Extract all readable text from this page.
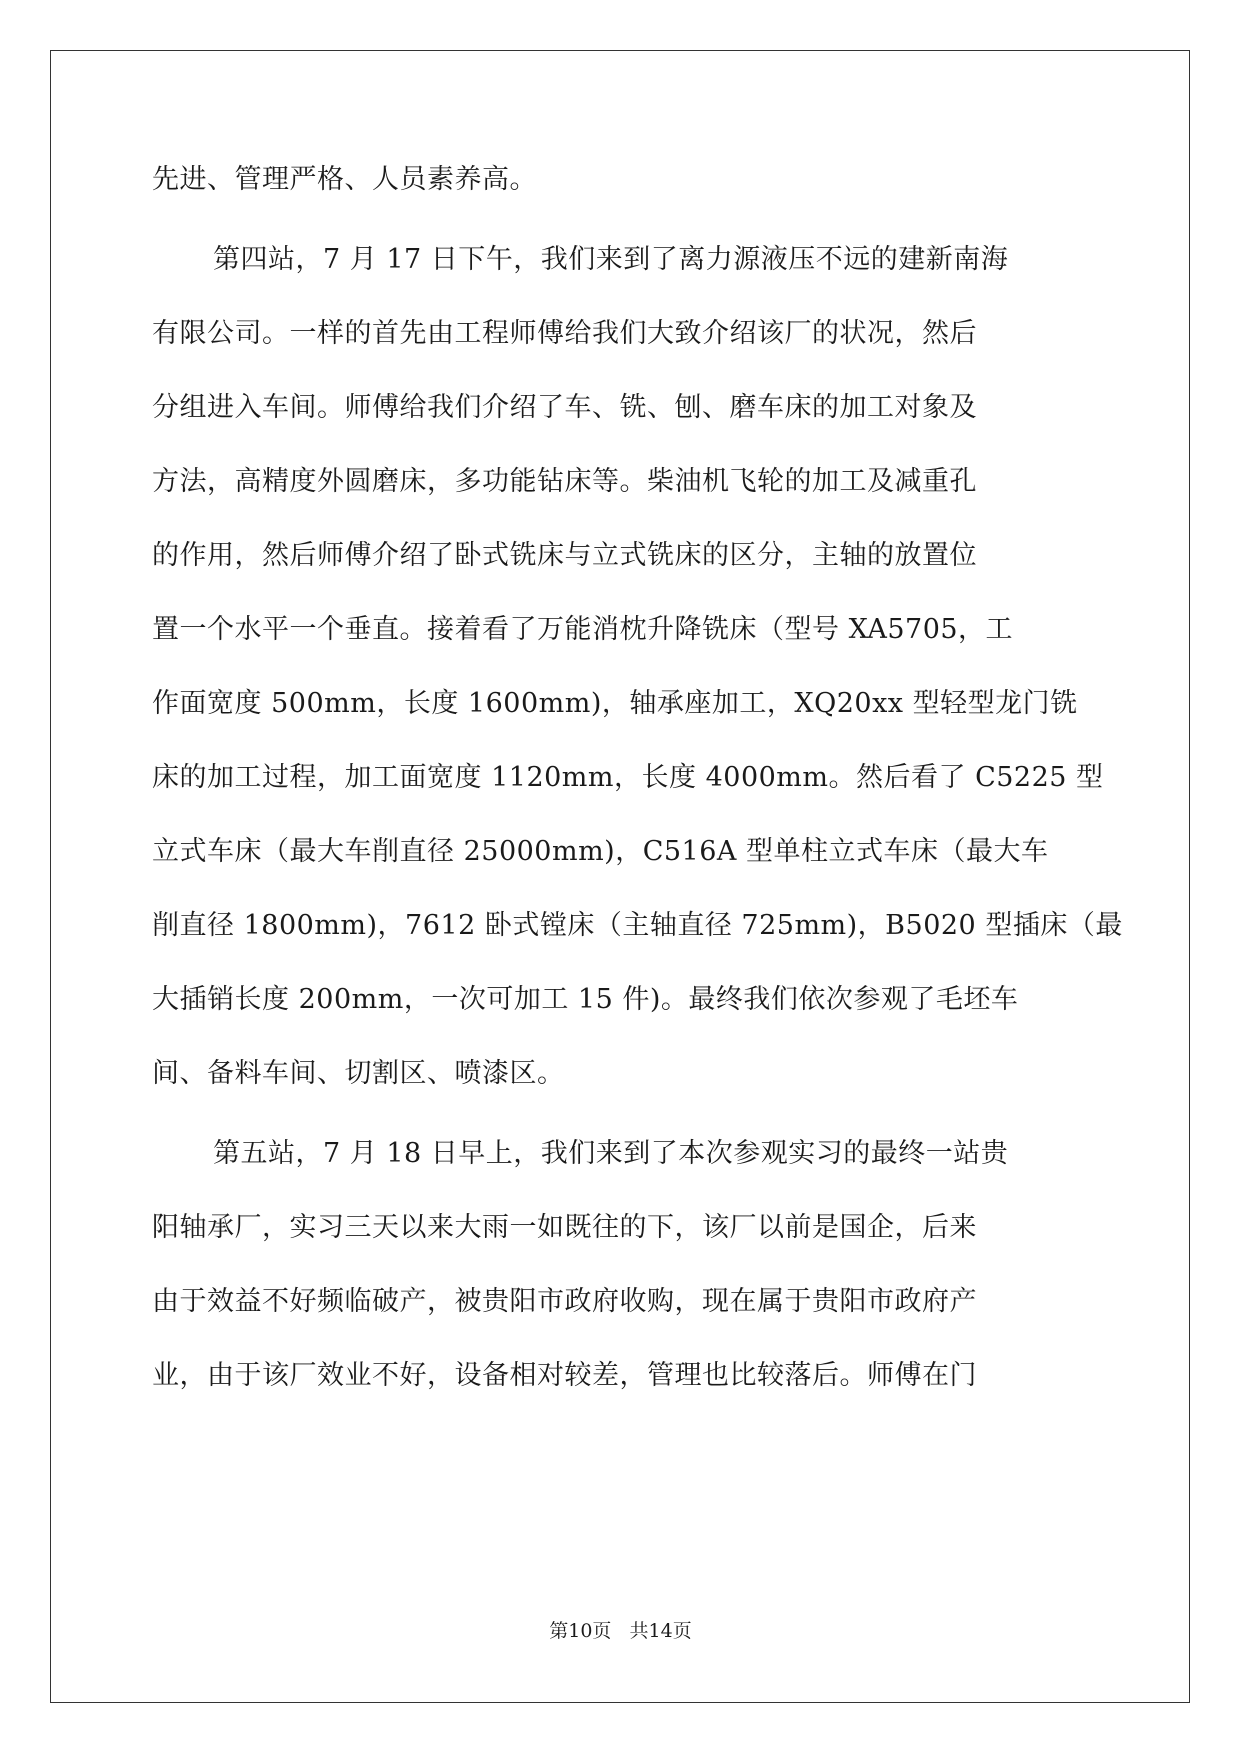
先进、管理严格、人员素养高。
第四站，7 月 17 日下午，我们来到了离力源液压不远的建新南海
有限公司。一样的首先由工程师傅给我们大致介绍该厂的状况，然后
分组进入车间。师傅给我们介绍了车、铣、刨、磨车床的加工对象及
方法，高精度外圆磨床，多功能钻床等。柴油机飞轮的加工及减重孔
的作用，然后师傅介绍了卧式铣床与立式铣床的区分，主轴的放置位
置一个水平一个垂直。接着看了万能消枕升降铣床（型号 XA5705，工
作面宽度 500mm，长度 1600mm)，轴承座加工，XQ20xx 型轻型龙门铣
床的加工过程，加工面宽度 1120mm，长度 4000mm。然后看了 C5225 型
立式车床（最大车削直径 25000mm)，C516A 型单柱立式车床（最大车
削直径 1800mm)，7612 卧式镗床（主轴直径 725mm)，B5020 型插床（最
大插销长度 200mm，一次可加工 15 件)。最终我们依次参观了毛坯车
间、备料车间、切割区、喷漆区。
第五站，7 月 18 日早上，我们来到了本次参观实习的最终一站贵
阳轴承厂，实习三天以来大雨一如既往的下，该厂以前是国企，后来
由于效益不好频临破产，被贵阳市政府收购，现在属于贵阳市政府产
业，由于该厂效业不好，设备相对较差，管理也比较落后。师傅在门
第10页   共14页
